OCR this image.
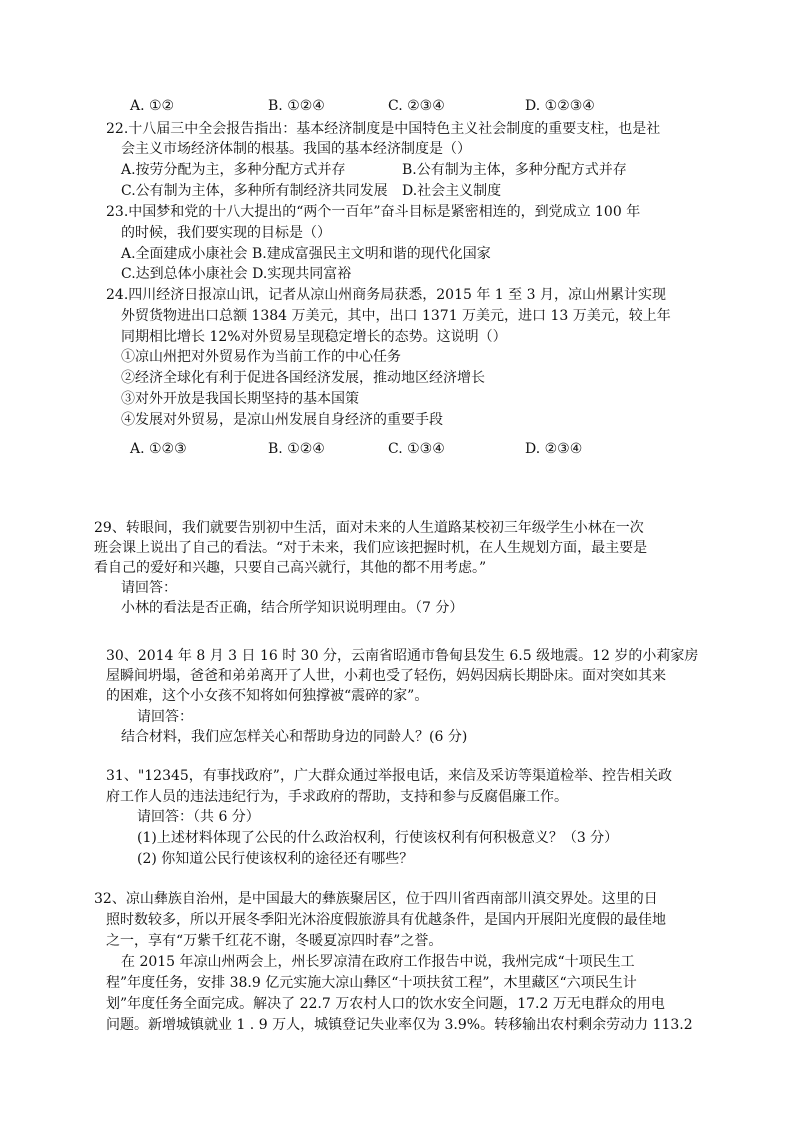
A. ①②	B. ①②④	C. ②③④	D. ①②③④
22.十八届三中全会报告指出：基本经济制度是中国特色主义社会制度的重要支柱，也是社
会主义市场经济体制的根基。我国的基本经济制度是（）
A.按劳分配为主，多种分配方式并存	B.公有制为主体，多种分配方式并存
C.公有制为主体，多种所有制经济共同发展 D.社会主义制度
23.中国梦和党的十八大提出的“两个一百年”奋斗目标是紧密相连的，到党成立 100 年
的时候，我们要实现的目标是（）
A.全面建成小康社会 B.建成富强民主文明和谐的现代化国家
C.达到总体小康社会 D.实现共同富裕
24.四川经济日报凉山讯，记者从凉山州商务局获悉，2015 年 1 至 3 月，凉山州累计实现
外贸货物进出口总额 1384 万美元，其中，出口 1371 万美元，进口 13 万美元，较上年
同期相比增长 12%对外贸易呈现稳定增长的态势。这说明（）
①凉山州把对外贸易作为当前工作的中心任务
②经济全球化有利于促进各国经济发展，推动地区经济增长
③对外开放是我国长期坚持的基本国策
④发展对外贸易，是凉山州发展自身经济的重要手段
A. ①②③	B. ①②④	C. ①③④	D. ②③④
29、转眼间，我们就要告别初中生活，面对未来的人生道路某校初三年级学生小林在一次
班会课上说出了自己的看法。“对于未来，我们应该把握时机，在人生规划方面，最主要是
看自己的爱好和兴趣，只要自己高兴就行，其他的都不用考虑。”
请回答：
小林的看法是否正确，结合所学知识说明理由。（7 分）
30、2014 年 8 月 3 日 16 时 30 分，云南省昭通市鲁甸县发生 6.5 级地震。12 岁的小莉家房
屋瞬间坍塌，爸爸和弟弟离开了人世，小莉也受了轻伤，妈妈因病长期卧床。面对突如其来
的困难，这个小女孩不知将如何独撑被“震碎的家”。
请回答：
结合材料，我们应怎样关心和帮助身边的同龄人？(6 分)
31、"12345，有事找政府”，广大群众通过举报电话，来信及采访等渠道检举、控告相关政
府工作人员的违法违纪行为，手求政府的帮助，支持和参与反腐倡廉工作。
请回答：（共 6 分）
(1)上述材料体现了公民的什么政治权利，行使该权利有何积极意义？（3 分）
(2) 你知道公民行使该权利的途径还有哪些？
32、凉山彝族自治州，是中国最大的彝族聚居区，位于四川省西南部川滇交界处。这里的日
照时数较多，所以开展冬季阳光沐浴度假旅游具有优越条件，是国内开展阳光度假的最佳地
之一，享有“万紫千红花不谢，冬暖夏凉四时春”之誉。
在 2015 年凉山州两会上，州长罗凉清在政府工作报告中说，我州完成“十项民生工
程”年度任务，安排 38.9 亿元实施大凉山彝区“十项扶贫工程”，木里藏区“六项民生计
划”年度任务全面完成。解决了 22.7 万农村人口的饮水安全问题，17.2 万无电群众的用电
问题。新增城镇就业 1 . 9 万人，城镇登记失业率仅为 3.9%。转移输出农村剩余劳动力 113.2
